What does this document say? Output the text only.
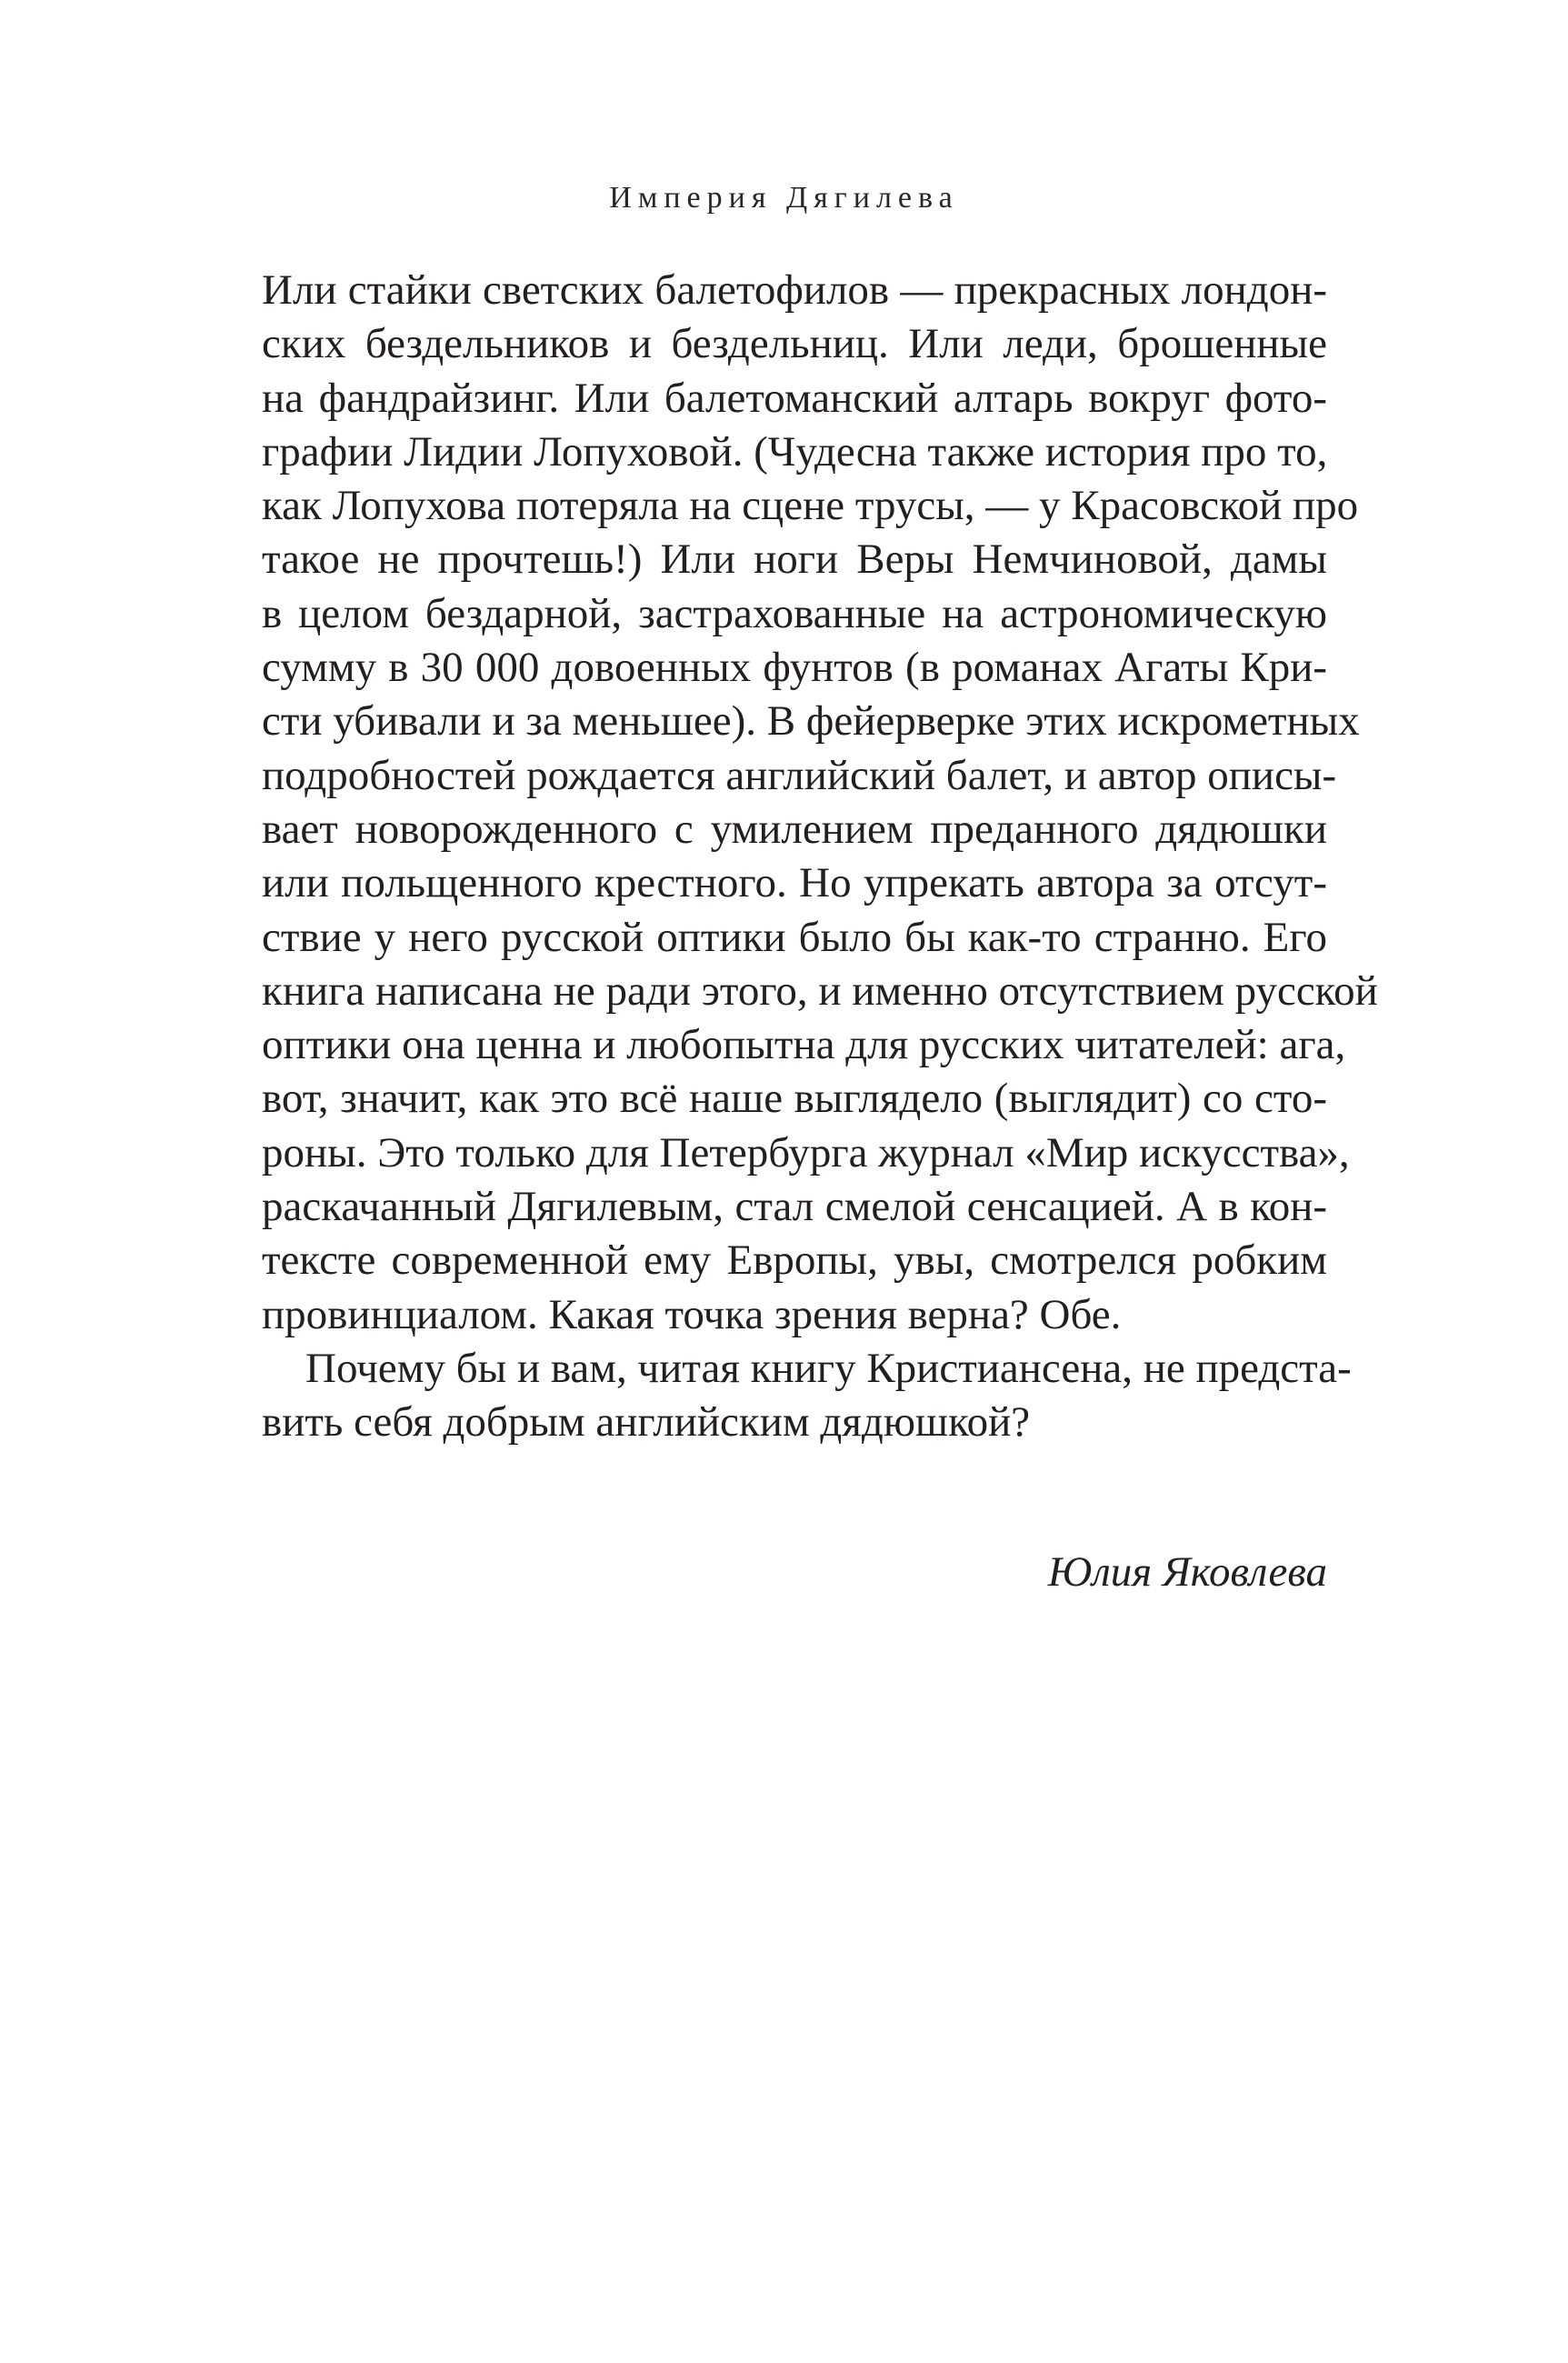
Империя Дягилева
Или стайки светских балетофилов — прекрасных лондон-
ских бездельников и бездельниц. Или леди, брошенные
на фандрайзинг. Или балетоманский алтарь вокруг фото-
графии Лидии Лопуховой. (Чудесна также история про то,
как Лопухова потеряла на сцене трусы, — у Красовской про
такое не прочтешь!) Или ноги Веры Немчиновой, дамы
в целом бездарной, застрахованные на астрономическую
сумму в 30 000 довоенных фунтов (в романах Агаты Кри-
сти убивали и за меньшее). В фейерверке этих искрометных
подробностей рождается английский балет, и автор описы-
вает новорожденного с умилением преданного дядюшки
или польщенного крестного. Но упрекать автора за отсут-
ствие у него русской оптики было бы как-то странно. Его
книга написана не ради этого, и именно отсутствием русской
оптики она ценна и любопытна для русских читателей: ага,
вот, значит, как это всё наше выглядело (выглядит) со сто-
роны. Это только для Петербурга журнал «Мир искусства»,
раскачанный Дягилевым, стал смелой сенсацией. А в кон-
тексте современной ему Европы, увы, смотрелся робким
провинциалом. Какая точка зрения верна? Обе.
Почему бы и вам, читая книгу Кристиансена, не предста-
вить себя добрым английским дядюшкой?
Юлия Яковлева
